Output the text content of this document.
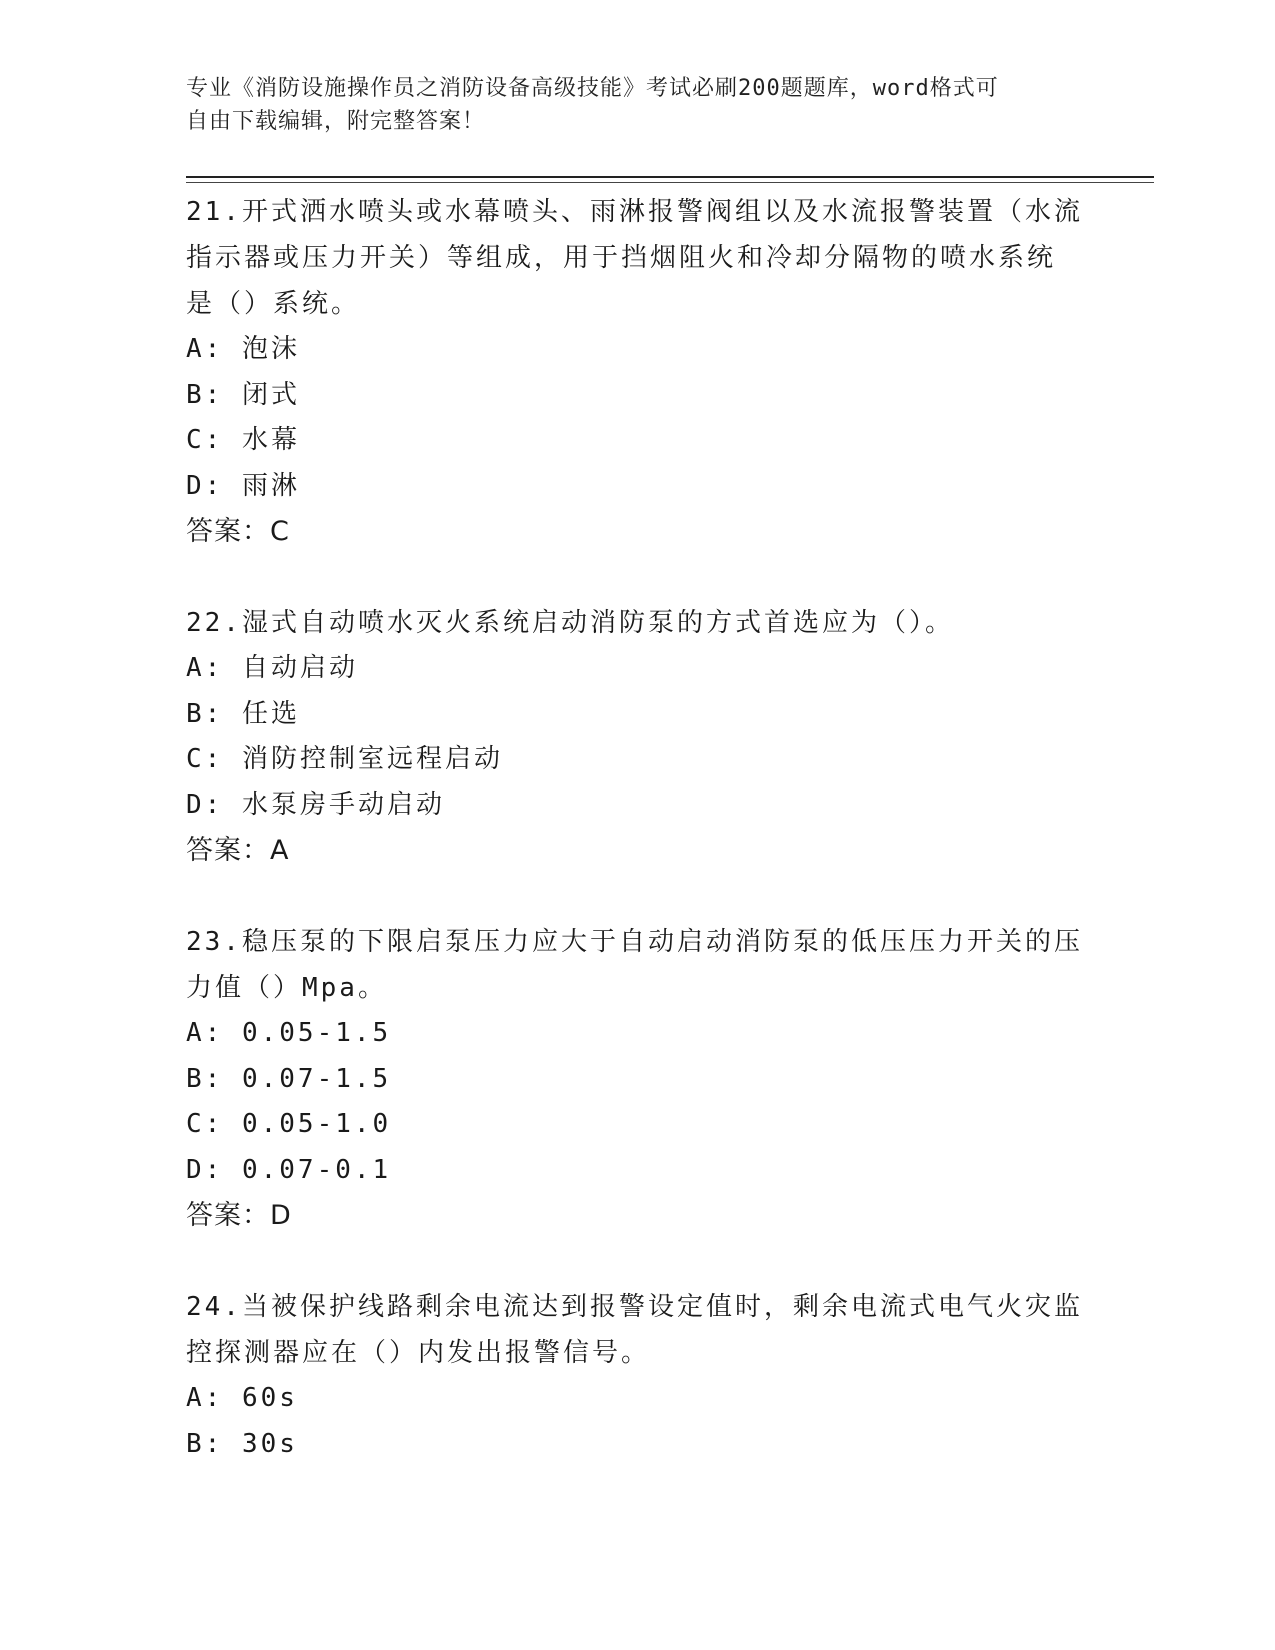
专业《消防设施操作员之消防设备高级技能》考试必刷200题题库，word格式可
自由下载编辑，附完整答案！
21.开式洒水喷头或水幕喷头、雨淋报警阀组以及水流报警装置（水流
指示器或压力开关）等组成，用于挡烟阻火和冷却分隔物的喷水系统
是（）系统。
A: 泡沫
B: 闭式
C: 水幕
D: 雨淋
答案：C
22.湿式自动喷水灭火系统启动消防泵的方式首选应为（）。
A: 自动启动
B: 任选
C: 消防控制室远程启动
D: 水泵房手动启动
答案：A
23.稳压泵的下限启泵压力应大于自动启动消防泵的低压压力开关的压
力值（）Mpa。
A: 0.05-1.5
B: 0.07-1.5
C: 0.05-1.0
D: 0.07-0.1
答案：D
24.当被保护线路剩余电流达到报警设定值时，剩余电流式电气火灾监
控探测器应在（）内发出报警信号。
A: 60s
B: 30s
